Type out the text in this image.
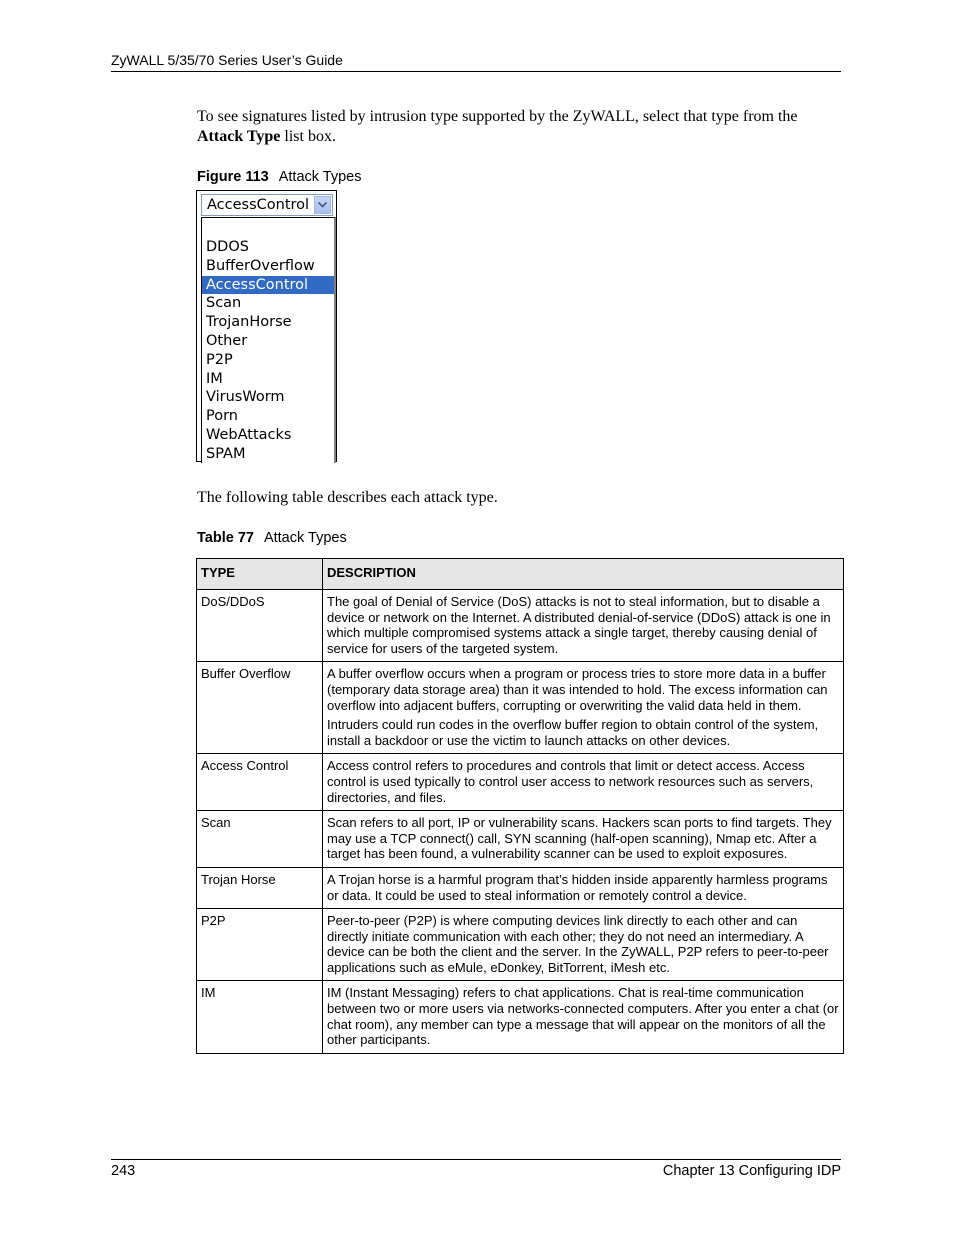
ZyWALL 5/35/70 Series User’s Guide

To see signatures listed by intrusion type supported by the ZyWALL, select that type from the Attack Type list box.

Figure 113 Attack Types
AccessControl
DDOS
BufferOverflow
AccessControl
Scan
TrojanHorse
Other
P2P
IM
VirusWorm
Porn
WebAttacks
SPAM
The following table describes each attack type.
Table 77 Attack Types
TYPE	DESCRIPTION
DoS/DDoS	The goal of Denial of Service (DoS) attacks is not to steal information, but to disable a device or network on the Internet. A distributed denial-of-service (DDoS) attack is one in which multiple compromised systems attack a single target, thereby causing denial of service for users of the targeted system.

Buffer Overflow	A buffer overflow occurs when a program or process tries to store more data in a buffer (temporary data storage area) than it was intended to hold. The excess information can overflow into adjacent buffers, corrupting or overwriting the valid data held in them.

Intruders could run codes in the overflow buffer region to obtain control of the system, install a backdoor or use the victim to launch attacks on other devices.

Access Control	Access control refers to procedures and controls that limit or detect access. Access control is used typically to control user access to network resources such as servers, directories, and files.

Scan	Scan refers to all port, IP or vulnerability scans. Hackers scan ports to find targets. They may use a TCP connect() call, SYN scanning (half-open scanning), Nmap etc. After a target has been found, a vulnerability scanner can be used to exploit exposures.

Trojan Horse	A Trojan horse is a harmful program that’s hidden inside apparently harmless programs or data. It could be used to steal information or remotely control a device.

P2P	Peer-to-peer (P2P) is where computing devices link directly to each other and can directly initiate communication with each other; they do not need an intermediary. A device can be both the client and the server. In the ZyWALL, P2P refers to peer-to-peer applications such as eMule, eDonkey, BitTorrent, iMesh etc.

IM	IM (Instant Messaging) refers to chat applications. Chat is real-time communication between two or more users via networks-connected computers. After you enter a chat (or chat room), any member can type a message that will appear on the monitors of all the other participants.

243	Chapter 13 Configuring IDP
